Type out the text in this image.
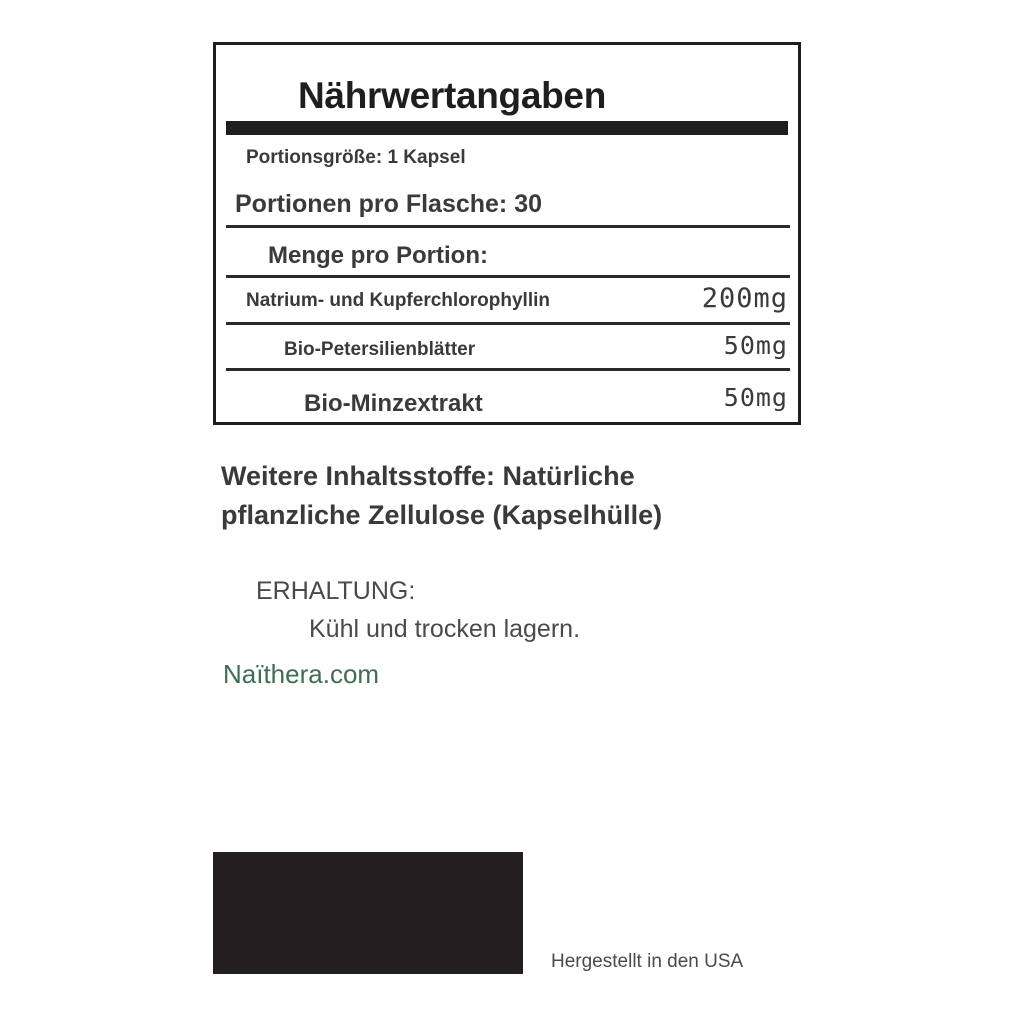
Nährwertangaben
Portionsgröße: 1 Kapsel
Portionen pro Flasche: 30
Menge pro Portion:
Natrium- und Kupferchlorophyllin	200mg
Bio-Petersilienblätter	50mg
Bio-Minzextrakt	50mg
Weitere Inhaltsstoffe: Natürliche
pflanzliche Zellulose (Kapselhülle)
ERHALTUNG:
Kühl und trocken lagern.
Naïthera.com
Hergestellt in den USA
